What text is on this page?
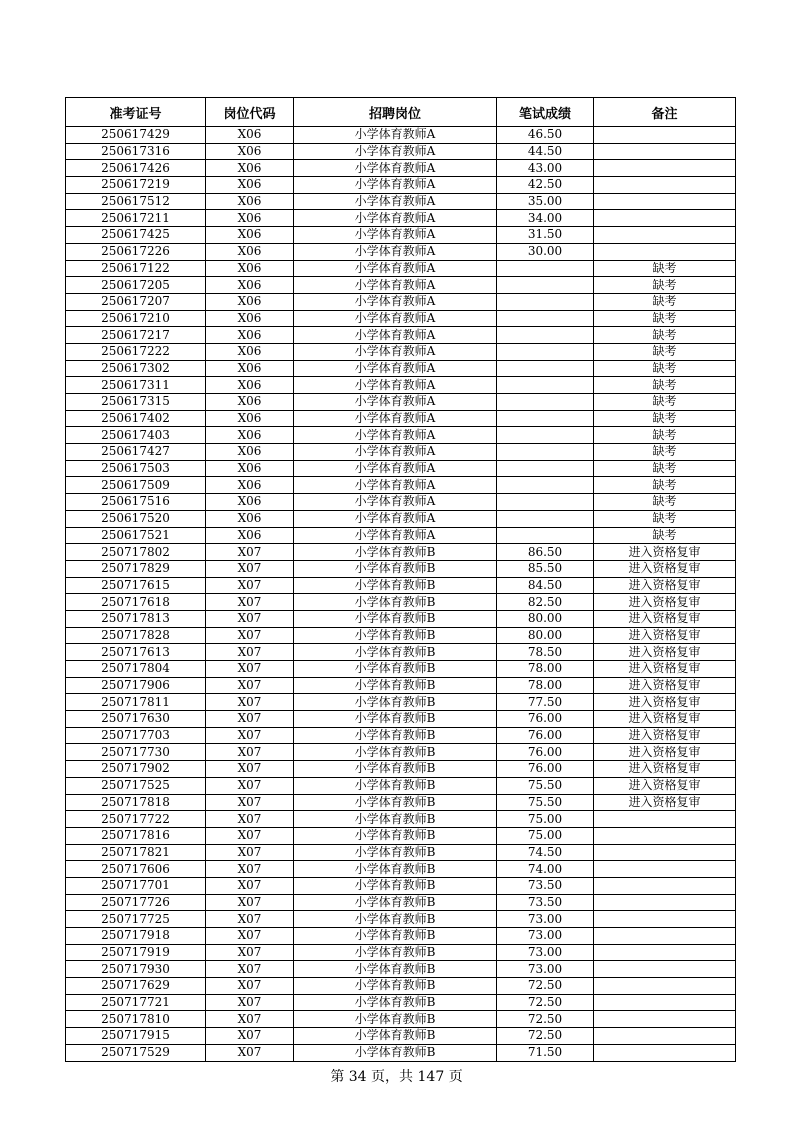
准考证号	岗位代码	招聘岗位	笔试成绩	备注
250617429	X06	小学体育教师A	46.50	
250617316	X06	小学体育教师A	44.50	
250617426	X06	小学体育教师A	43.00	
250617219	X06	小学体育教师A	42.50	
250617512	X06	小学体育教师A	35.00	
250617211	X06	小学体育教师A	34.00	
250617425	X06	小学体育教师A	31.50	
250617226	X06	小学体育教师A	30.00	
250617122	X06	小学体育教师A		缺考
250617205	X06	小学体育教师A		缺考
250617207	X06	小学体育教师A		缺考
250617210	X06	小学体育教师A		缺考
250617217	X06	小学体育教师A		缺考
250617222	X06	小学体育教师A		缺考
250617302	X06	小学体育教师A		缺考
250617311	X06	小学体育教师A		缺考
250617315	X06	小学体育教师A		缺考
250617402	X06	小学体育教师A		缺考
250617403	X06	小学体育教师A		缺考
250617427	X06	小学体育教师A		缺考
250617503	X06	小学体育教师A		缺考
250617509	X06	小学体育教师A		缺考
250617516	X06	小学体育教师A		缺考
250617520	X06	小学体育教师A		缺考
250617521	X06	小学体育教师A		缺考
250717802	X07	小学体育教师B	86.50	进入资格复审
250717829	X07	小学体育教师B	85.50	进入资格复审
250717615	X07	小学体育教师B	84.50	进入资格复审
250717618	X07	小学体育教师B	82.50	进入资格复审
250717813	X07	小学体育教师B	80.00	进入资格复审
250717828	X07	小学体育教师B	80.00	进入资格复审
250717613	X07	小学体育教师B	78.50	进入资格复审
250717804	X07	小学体育教师B	78.00	进入资格复审
250717906	X07	小学体育教师B	78.00	进入资格复审
250717811	X07	小学体育教师B	77.50	进入资格复审
250717630	X07	小学体育教师B	76.00	进入资格复审
250717703	X07	小学体育教师B	76.00	进入资格复审
250717730	X07	小学体育教师B	76.00	进入资格复审
250717902	X07	小学体育教师B	76.00	进入资格复审
250717525	X07	小学体育教师B	75.50	进入资格复审
250717818	X07	小学体育教师B	75.50	进入资格复审
250717722	X07	小学体育教师B	75.00	
250717816	X07	小学体育教师B	75.00	
250717821	X07	小学体育教师B	74.50	
250717606	X07	小学体育教师B	74.00	
250717701	X07	小学体育教师B	73.50	
250717726	X07	小学体育教师B	73.50	
250717725	X07	小学体育教师B	73.00	
250717918	X07	小学体育教师B	73.00	
250717919	X07	小学体育教师B	73.00	
250717930	X07	小学体育教师B	73.00	
250717629	X07	小学体育教师B	72.50	
250717721	X07	小学体育教师B	72.50	
250717810	X07	小学体育教师B	72.50	
250717915	X07	小学体育教师B	72.50	
250717529	X07	小学体育教师B	71.50	
第 34 页，共 147 页
